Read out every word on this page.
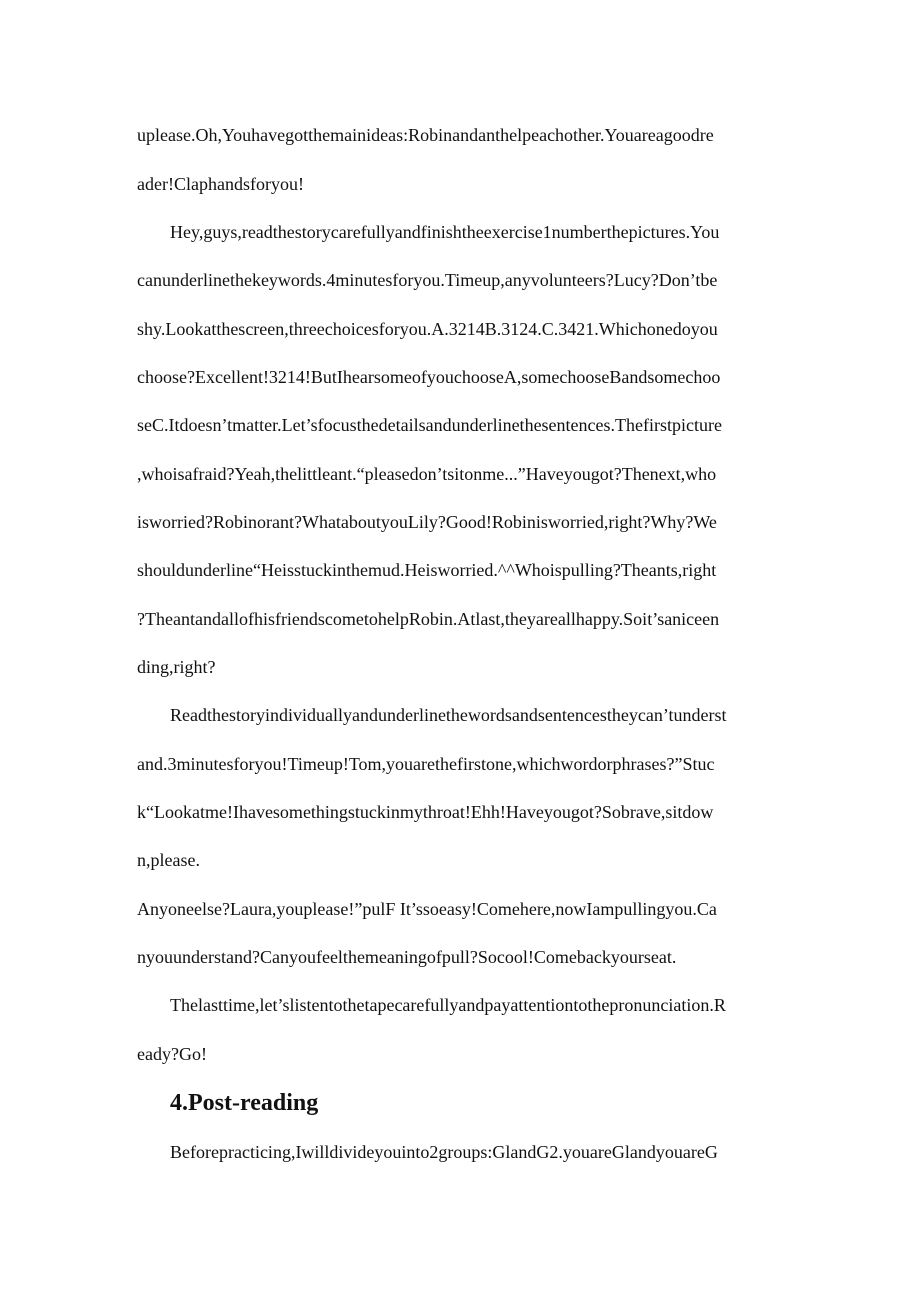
uplease.Oh,Youhavegotthemainideas:Robinandanthelpeachother.Youareagoodre
ader!Claphandsforyou!
Hey,guys,readthestorycarefullyandfinishtheexercise1numberthepictures.You
canunderlinethekeywords.4minutesforyou.Timeup,anyvolunteers?Lucy?Don’tbe
shy.Lookatthescreen,threechoicesforyou.A.3214B.3124.C.3421.Whichonedoyou
choose?Excellent!3214!ButIhearsomeofyouchooseA,somechooseBandsomechoo
seC.Itdoesn’tmatter.Let’sfocusthedetailsandunderlinethesentences.Thefirstpicture
,whoisafraid?Yeah,thelittleant.“pleasedon’tsitonme...”Haveyougot?Thenext,who
isworried?Robinorant?WhataboutyouLily?Good!Robinisworried,right?Why?We
shouldunderline“Heisstuckinthemud.Heisworried.^^Whoispulling?Theants,right
?TheantandallofhisfriendscometohelpRobin.Atlast,theyareallhappy.Soit’saniceen
ding,right?
Readthestoryindividuallyandunderlinethewordsandsentencestheycan’tunderst
and.3minutesforyou!Timeup!Tom,youarethefirstone,whichwordorphrases?”Stuc
k“Lookatme!Ihavesomethingstuckinmythroat!Ehh!Haveyougot?Sobrave,sitdow
n,please.
Anyoneelse?Laura,youplease!”pulF It’ssoeasy!Comehere,nowIampullingyou.Ca
nyouunderstand?Canyoufeelthemeaningofpull?Socool!Comebackyourseat.
Thelasttime,let’slistentothetapecarefullyandpayattentiontothepronunciation.R
eady?Go!
4.Post-reading
Beforepracticing,Iwilldivideyouinto2groups:GlandG2.youareGlandyouareG
